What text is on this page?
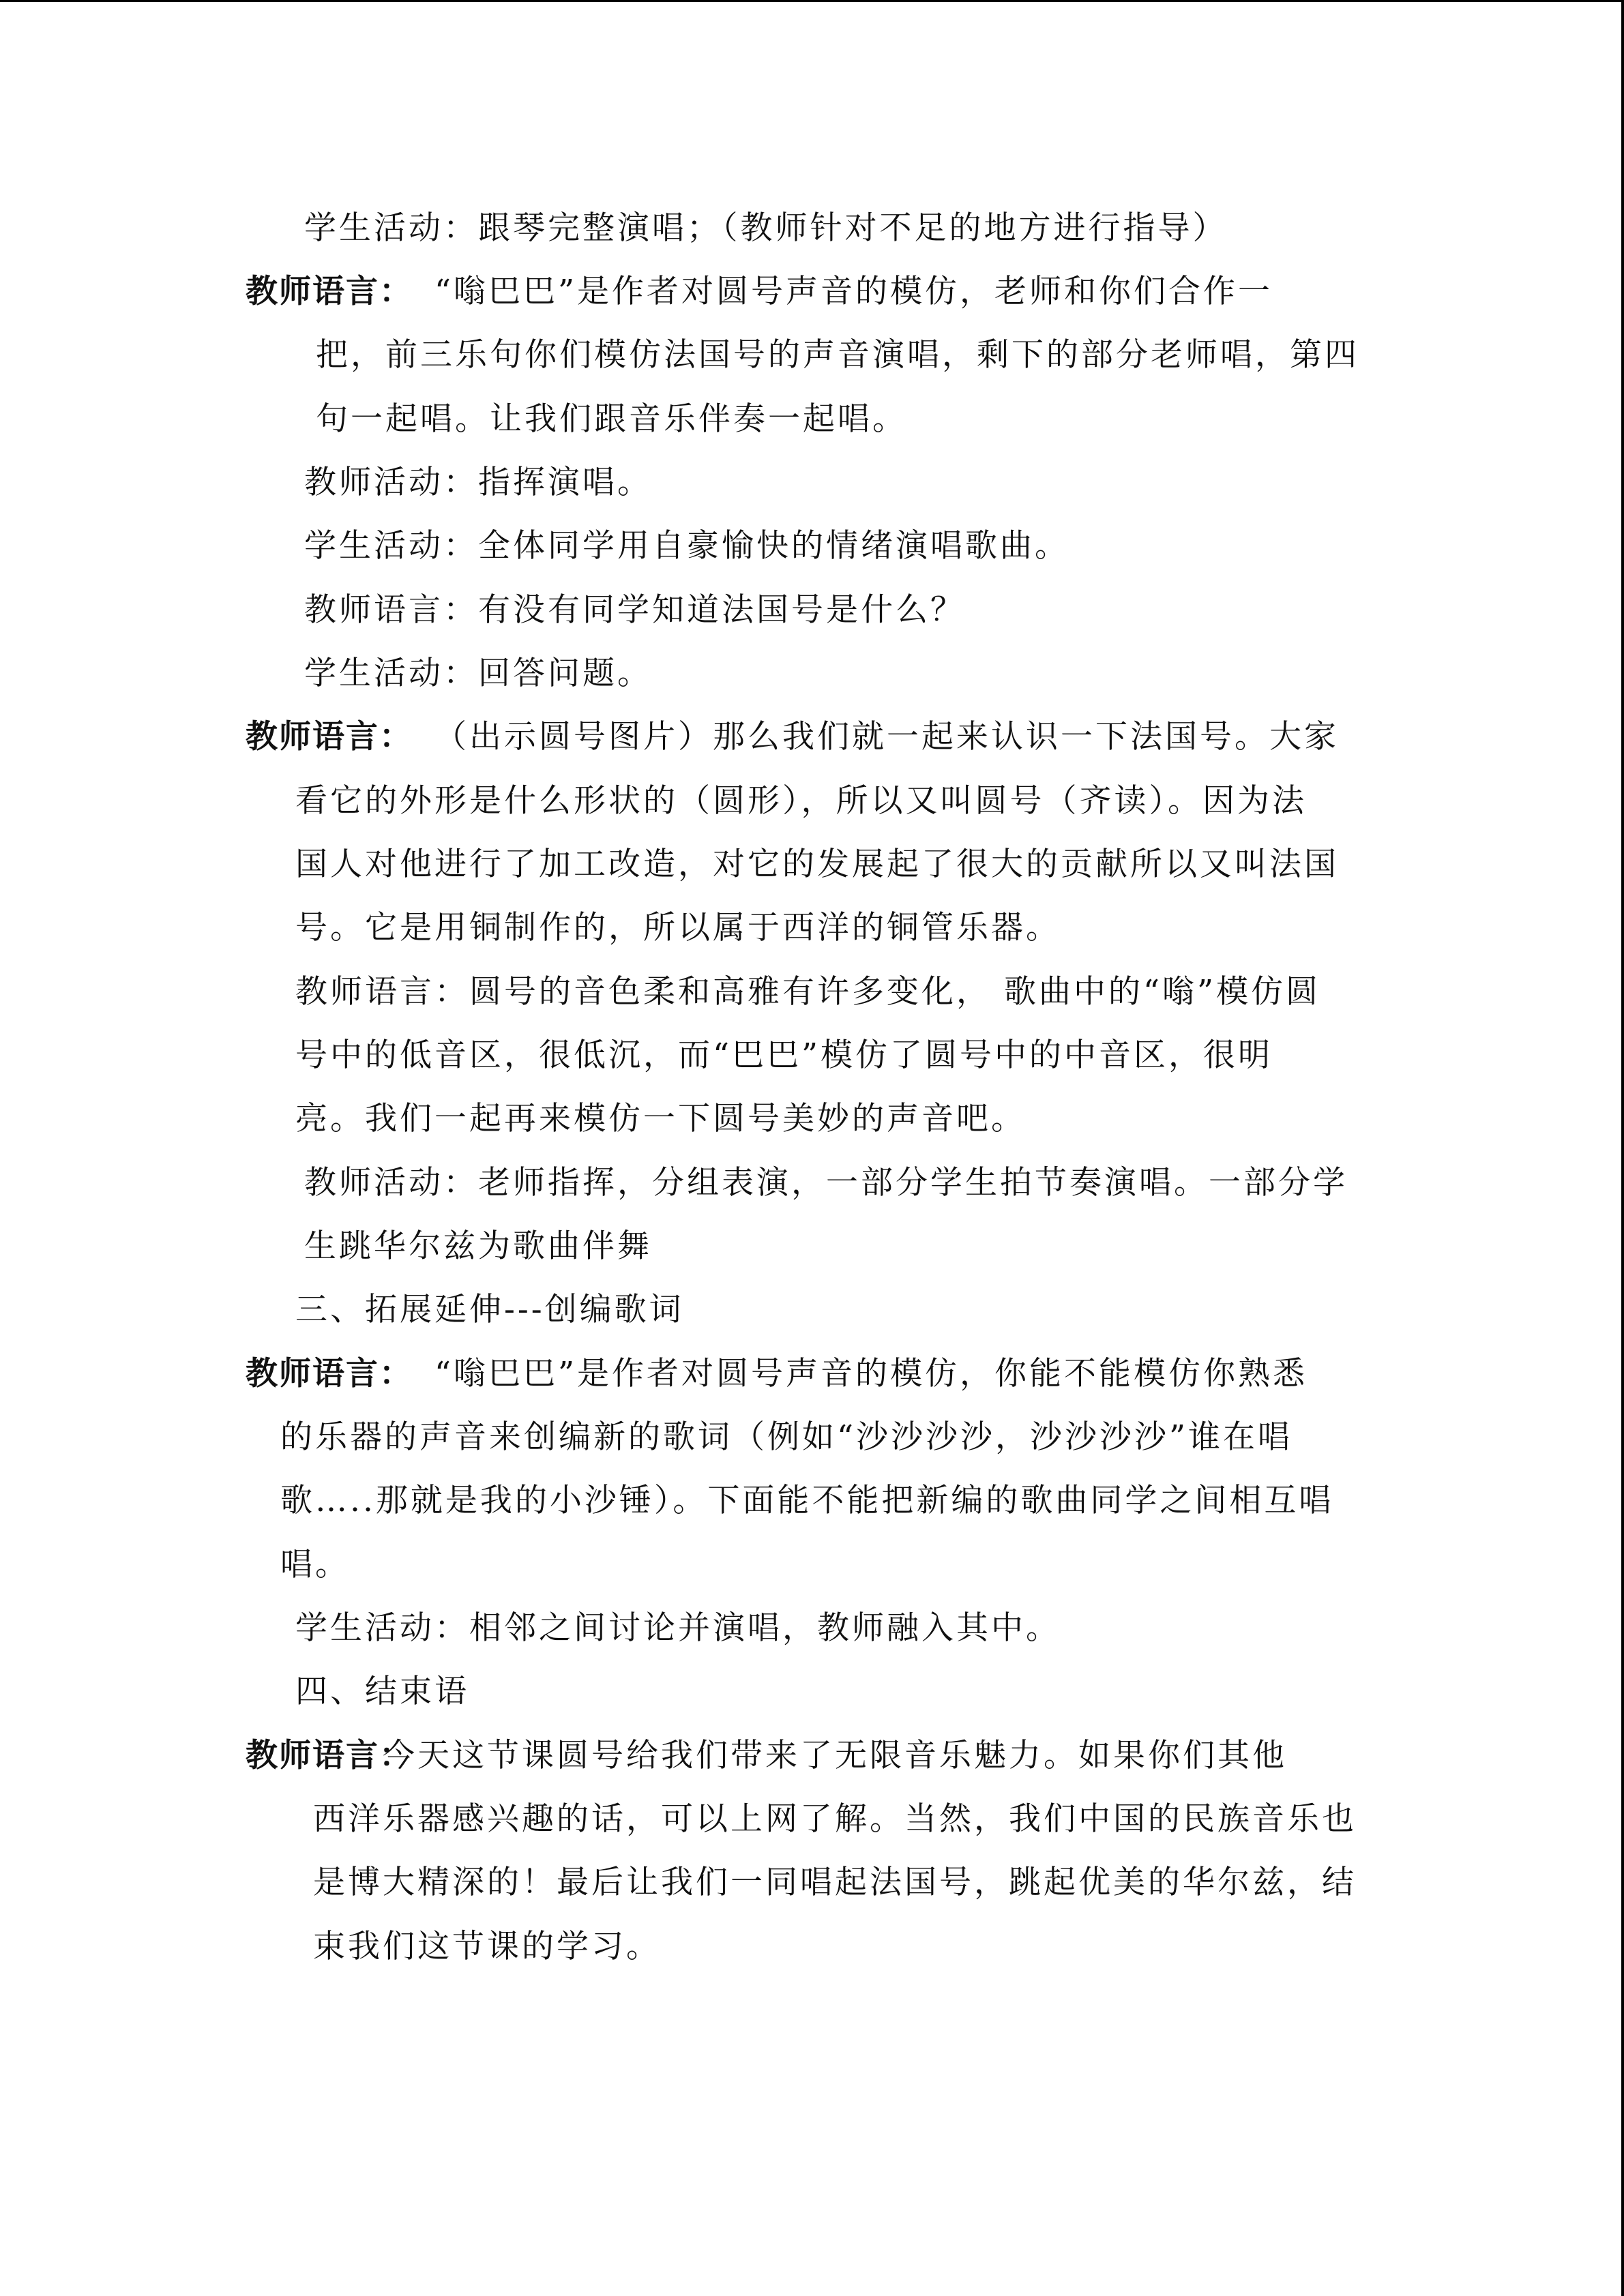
学生活动：跟琴完整演唱；（教师针对不足的地方进行指导）
教师语言： “嗡巴巴”是作者对圆号声音的模仿，老师和你们合作一
把，前三乐句你们模仿法国号的声音演唱，剩下的部分老师唱，第四
句一起唱。让我们跟音乐伴奏一起唱。
教师活动：指挥演唱。
学生活动：全体同学用自豪愉快的情绪演唱歌曲。
教师语言：有没有同学知道法国号是什么？
学生活动：回答问题。
教师语言： （出示圆号图片）那么我们就一起来认识一下法国号。大家
看它的外形是什么形状的（圆形），所以又叫圆号（齐读）。因为法
国人对他进行了加工改造，对它的发展起了很大的贡献所以又叫法国
号。它是用铜制作的，所以属于西洋的铜管乐器。
教师语言：圆号的音色柔和高雅有许多变化， 歌曲中的“嗡”模仿圆
号中的低音区，很低沉，而“巴巴”模仿了圆号中的中音区，很明
亮。我们一起再来模仿一下圆号美妙的声音吧。
教师活动：老师指挥，分组表演，一部分学生拍节奏演唱。一部分学
生跳华尔兹为歌曲伴舞
三、拓展延伸---创编歌词
教师语言： “嗡巴巴”是作者对圆号声音的模仿，你能不能模仿你熟悉
的乐器的声音来创编新的歌词（例如“沙沙沙沙，沙沙沙沙”谁在唱
歌…..那就是我的小沙锤）。下面能不能把新编的歌曲同学之间相互唱
唱。
学生活动：相邻之间讨论并演唱，教师融入其中。
四、结束语
教师语言：
今天这节课圆号给我们带来了无限音乐魅力。如果你们其他
西洋乐器感兴趣的话，可以上网了解。当然，我们中国的民族音乐也
是博大精深的！最后让我们一同唱起法国号，跳起优美的华尔兹，结
束我们这节课的学习。
